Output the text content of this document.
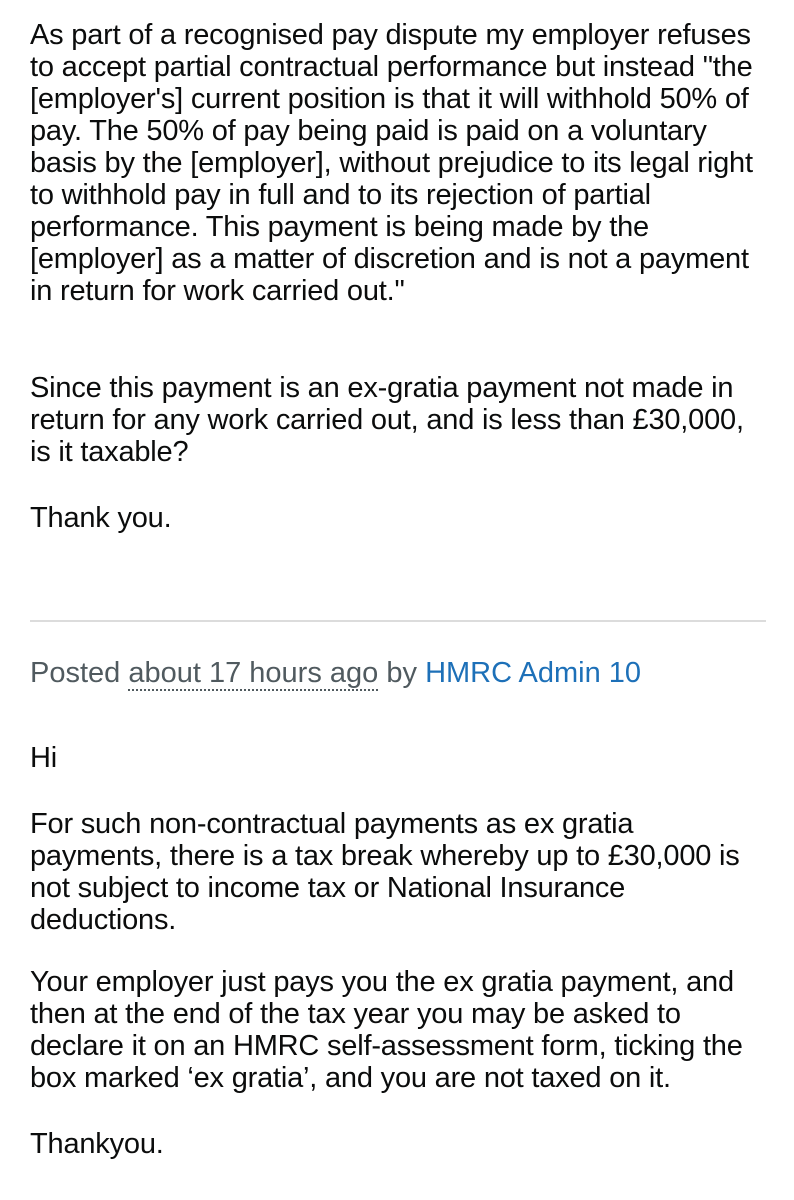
As part of a recognised pay dispute my employer refuses to accept partial contractual performance but instead "the [employer's] current position is that it will withhold 50% of pay. The 50% of pay being paid is paid on a voluntary basis by the [employer], without prejudice to its legal right to withhold pay in full and to its rejection of partial performance. This payment is being made by the [employer] as a matter of discretion and is not a payment in return for work carried out."

Since this payment is an ex-gratia payment not made in return for any work carried out, and is less than £30,000, is it taxable?

Thank you.

Posted about 17 hours ago by HMRC Admin 10

Hi

For such non-contractual payments as ex gratia payments, there is a tax break whereby up to £30,000 is not subject to income tax or National Insurance deductions.

Your employer just pays you the ex gratia payment, and then at the end of the tax year you may be asked to declare it on an HMRC self-assessment form, ticking the box marked ‘ex gratia’, and you are not taxed on it.

Thankyou.
